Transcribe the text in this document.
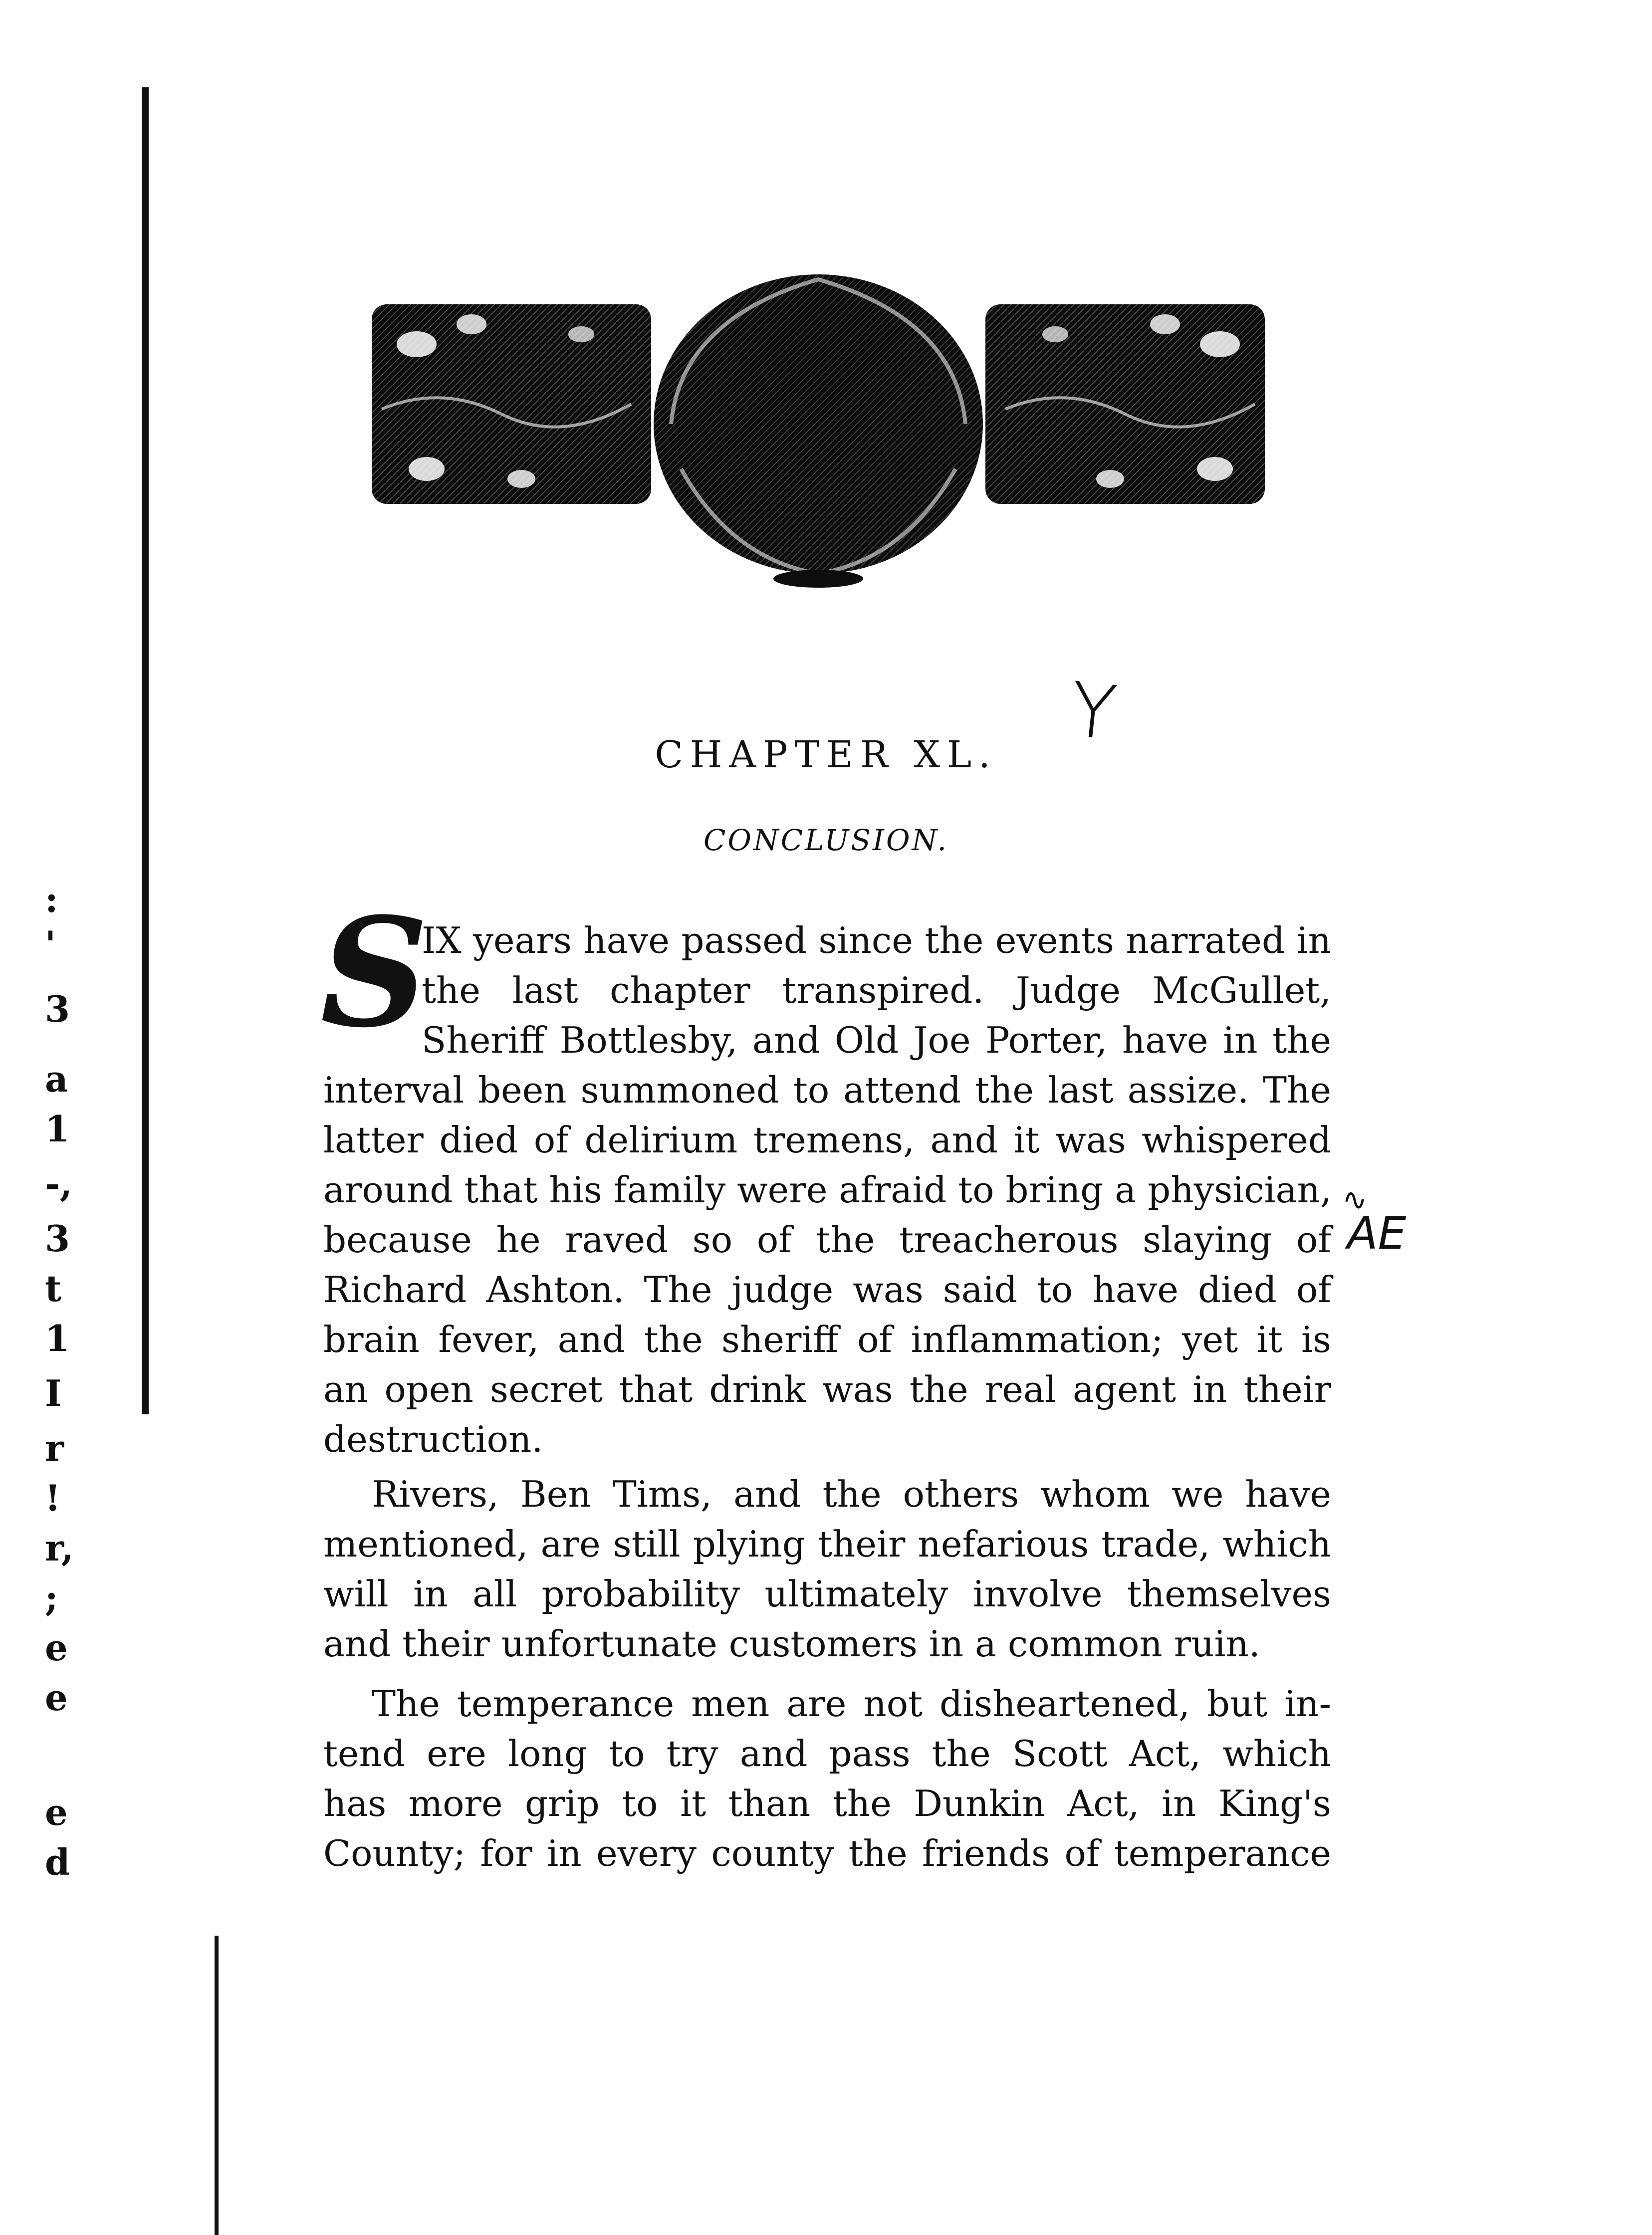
:
'
3
a
1
-,
3
t
1
I
r
!
r,
;
e
e
e
d
Y
∿
AE
CHAPTER XL.
CONCLUSION.
S
IX years have passed since the events narrated in
the last chapter transpired. Judge McGullet,
Sheriff Bottlesby, and Old Joe Porter, have in the
interval been summoned to attend the last assize. The
latter died of delirium tremens, and it was whispered
around that his family were afraid to bring a physician,
because he raved so of the treacherous slaying of
Richard Ashton. The judge was said to have died of
brain fever, and the sheriff of inflammation; yet it is
an open secret that drink was the real agent in their
destruction.
Rivers, Ben Tims, and the others whom we have
mentioned, are still plying their nefarious trade, which
will in all probability ultimately involve themselves
and their unfortunate customers in a common ruin.
The temperance men are not disheartened, but in-
tend ere long to try and pass the Scott Act, which
has more grip to it than the Dunkin Act, in King's
County; for in every county the friends of temperance
